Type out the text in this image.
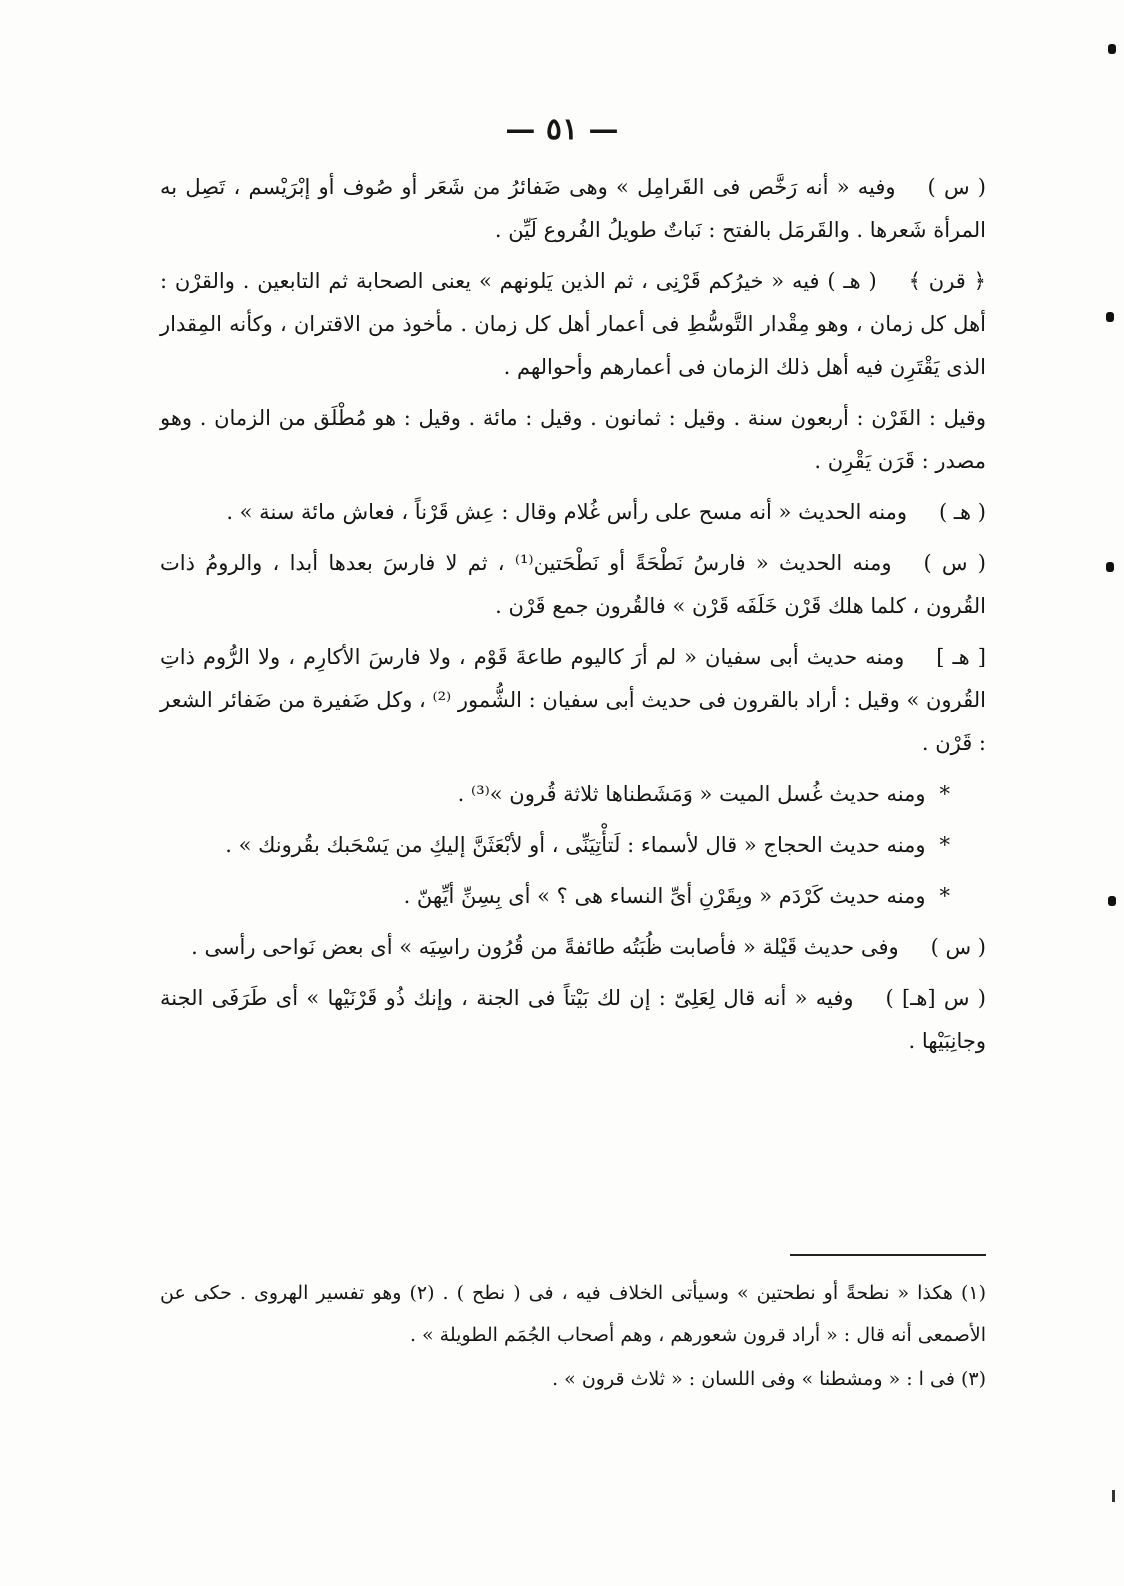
— ٥١ —

( س )وفيه « أنه رَخَّص فى القَرامِل » وهى ضَفائرُ من شَعَر أو صُوف أو إبْرَيْسم ، تَصِل به المرأة شَعرها . والقَرمَل بالفتح : نَباتٌ طويلُ الفُروع لَيِّن .

﴿ قرن ﴾( هـ ) فيه « خيرُكم قَرْنِى ، ثم الذين يَلونهم » يعنى الصحابة ثم التابعين . والقرْن : أهل كل زمان ، وهو مِقْدار التَّوسُّطِ فى أعمار أهل كل زمان . مأخوذ من الاقتران ، وكأنه المِقدار الذى يَقْتَرِن فيه أهل ذلك الزمان فى أعمارهم وأحوالهم .

وقيل : القَرْن : أربعون سنة . وقيل : ثمانون . وقيل : مائة . وقيل : هو مُطْلَق من الزمان . وهو مصدر : قَرَن يَقْرِن .

( هـ )ومنه الحديث « أنه مسح على رأس غُلام وقال : عِش قَرْناً ، فعاش مائة سنة » .

( س )ومنه الحديث « فارسُ نَطْحَةً أو نَطْحَتين⁽¹⁾ ، ثم لا فارسَ بعدها أبدا ، والرومُ ذات القُرون ، كلما هلك قَرْن خَلَفَه قَرْن » فالقُرون جمع قَرْن .

[ هـ ]ومنه حديث أبى سفيان « لم أرَ كاليوم طاعةَ قَوْم ، ولا فارسَ الأكارِم ، ولا الرُّوم ذاتِ القُرون » وقيل : أراد بالقرون فى حديث أبى سفيان : الشُّمور ⁽²⁾ ، وكل ضَفيرة من ضَفائر الشعر : قَرْن .

*ومنه حديث غُسل الميت « وَمَشَطناها ثلاثة قُرون »⁽³⁾ .

*ومنه حديث الحجاج « قال لأسماء : لَتأْتِيَنِّى ، أو لأبْعَثَنَّ إليكِ من يَسْحَبك بقُرونك » .

*ومنه حديث كَرْدَم « وبِقَرْنِ أىِّ النساء هى ؟ » أى بِسِنِّ أيِّهنّ .

( س )وفى حديث قَيْلة « فأصابت ظُبَتُه طائفةً من قُرُون راسِيَه » أى بعض نَواحى رأسى .

( س [هـ] )وفيه « أنه قال لِعَلِىّ : إن لك بَيْتاً فى الجنة ، وإنك ذُو قَرْنَيْها » أى طَرَفَى الجنة وجانِبَيْها .

(١) هكذا « نطحةً أو نطحتين » وسيأتى الخلاف فيه ، فى ( نطح ) . (٢) وهو تفسير الهروى . حكى عن الأصمعى أنه قال : « أراد قرون شعورهم ، وهم أصحاب الجُمَم الطويلة » .

(٣) فى ا : « ومشطنا » وفى اللسان : « ثلاث قرون » .
